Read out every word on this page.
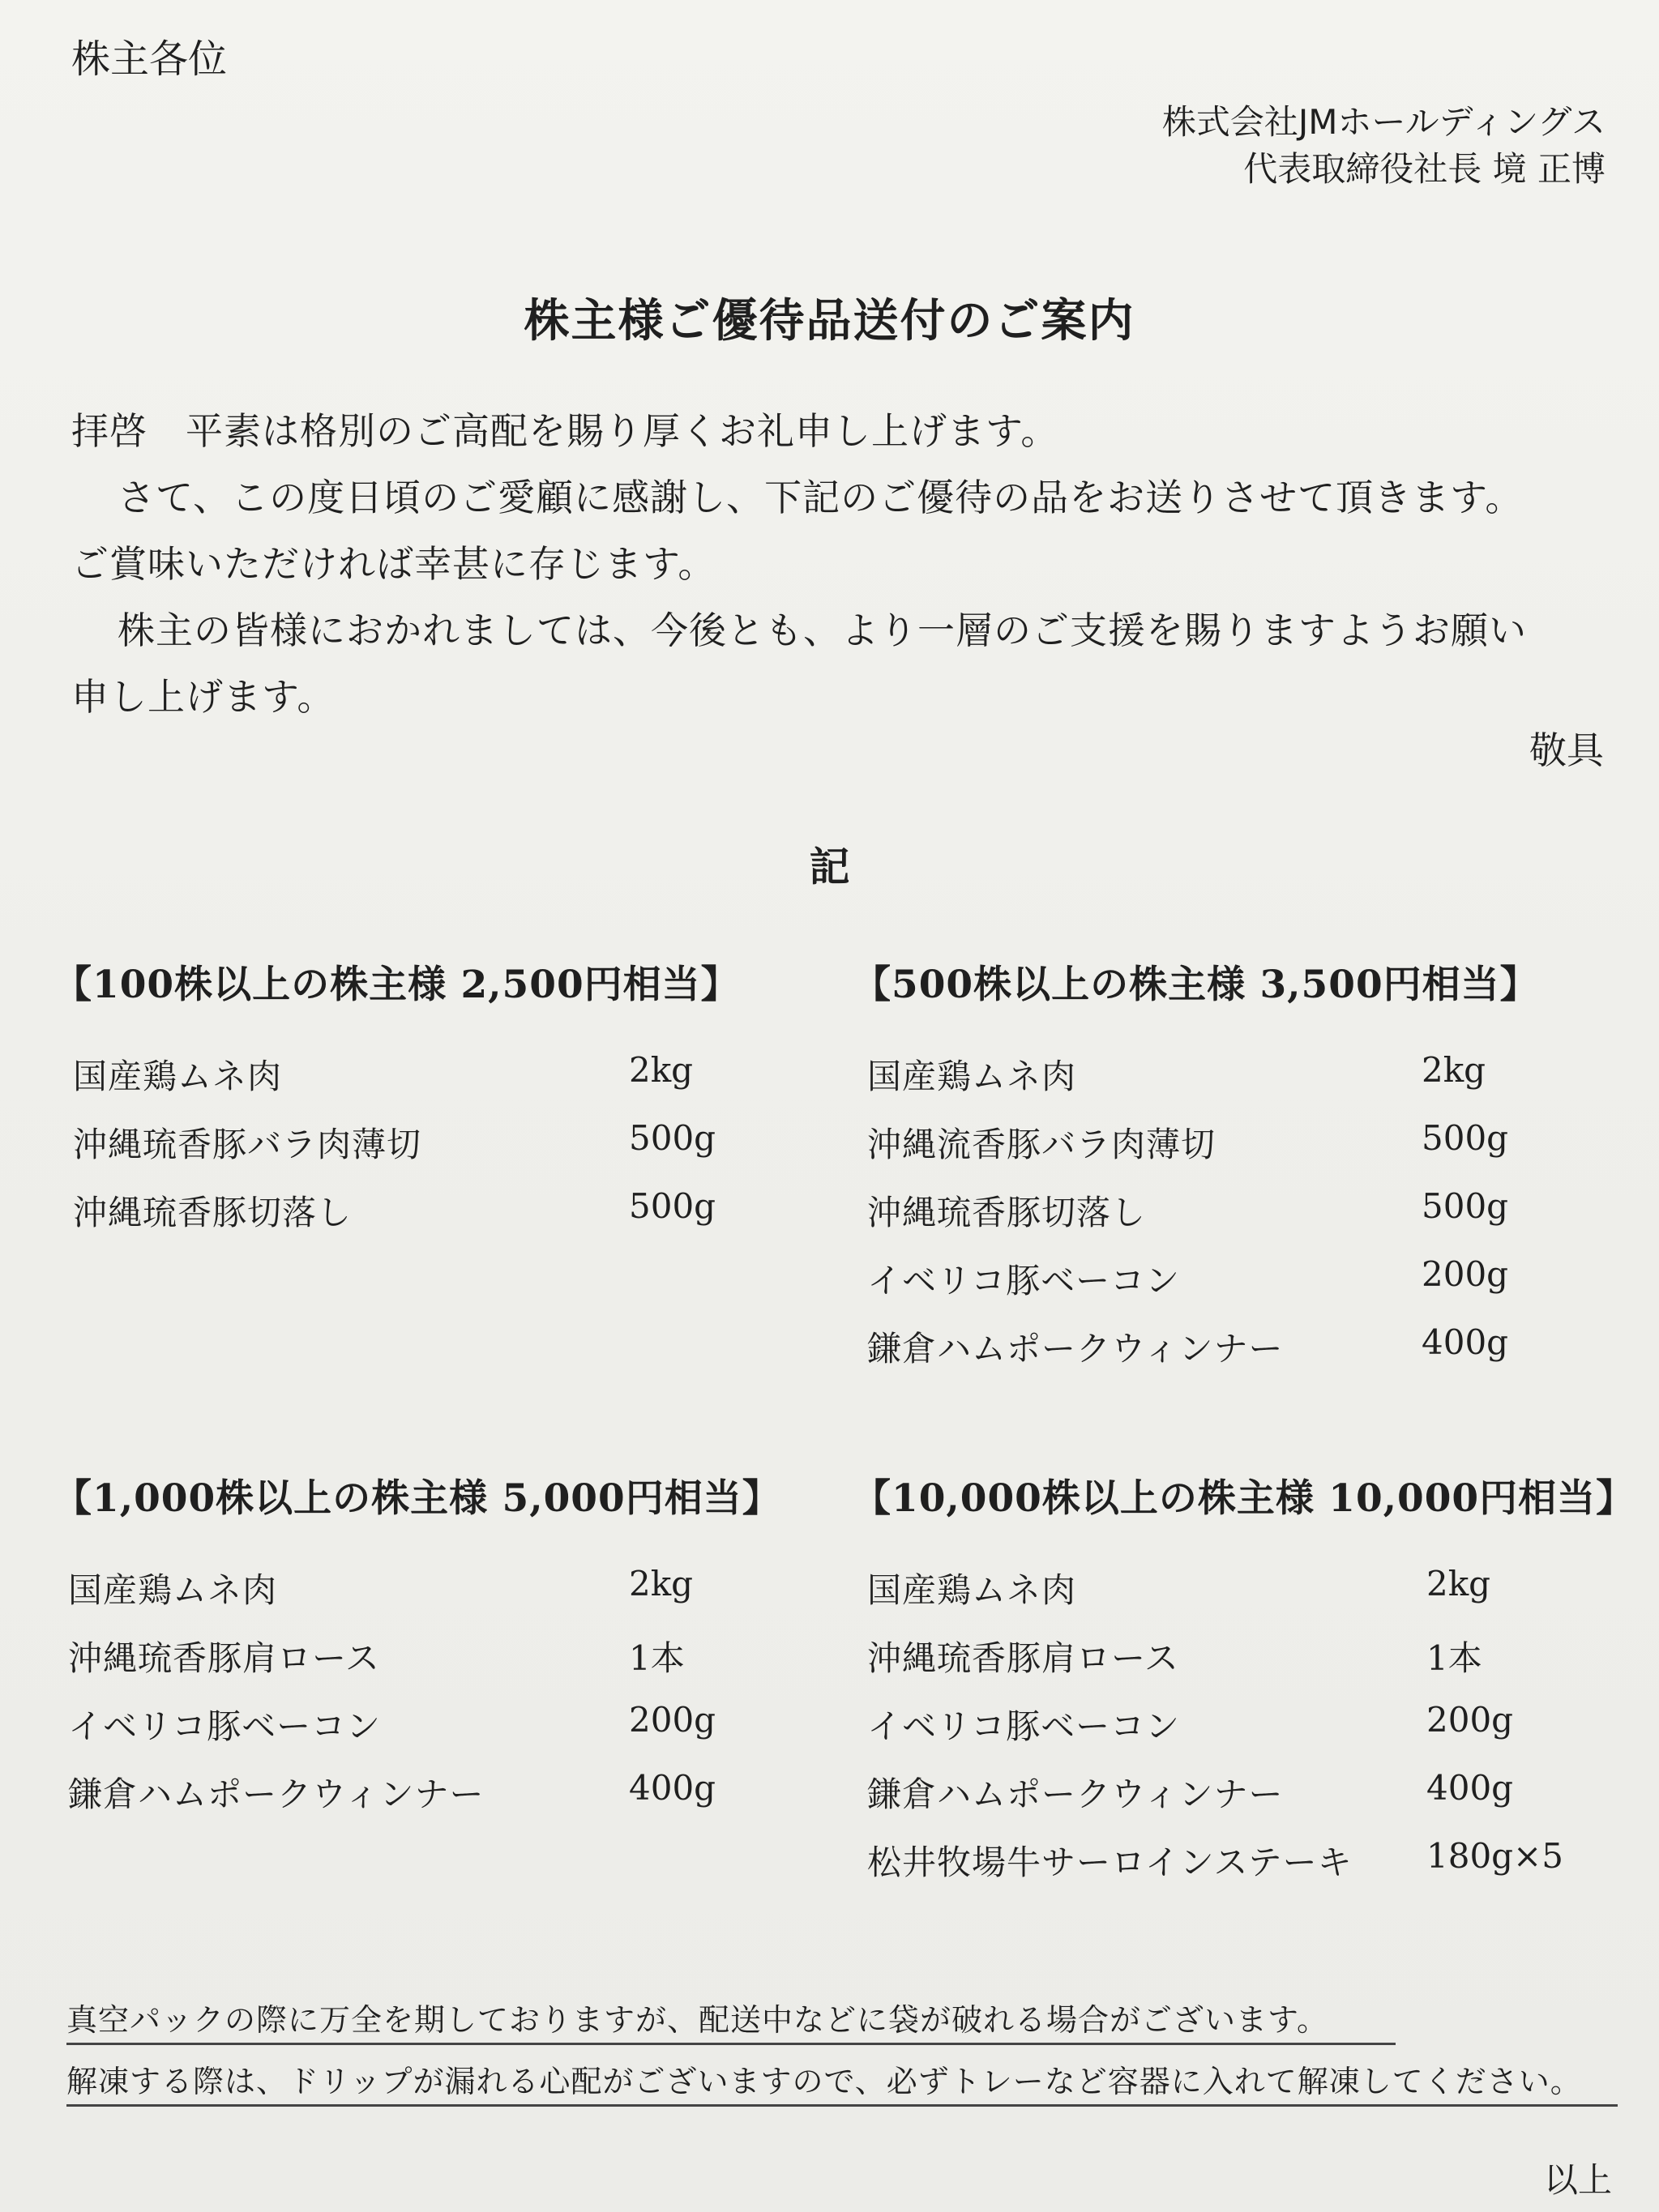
株主各位
株式会社JMホールディングス
代表取締役社長 境 正博
株主様ご優待品送付のご案内
拝啓　平素は格別のご高配を賜り厚くお礼申し上げます。
さて、この度日頃のご愛顧に感謝し、下記のご優待の品をお送りさせて頂きます。
ご賞味いただければ幸甚に存じます。
株主の皆様におかれましては、今後とも、より一層のご支援を賜りますようお願い
申し上げます。
敬具
記
【100株以上の株主様 2,500円相当】
国産鶏ムネ肉	2kg
沖縄琉香豚バラ肉薄切	500g
沖縄琉香豚切落し	500g
【500株以上の株主様 3,500円相当】
国産鶏ムネ肉	2kg
沖縄流香豚バラ肉薄切	500g
沖縄琉香豚切落し	500g
イベリコ豚ベーコン	200g
鎌倉ハムポークウィンナー	400g
【1,000株以上の株主様 5,000円相当】
国産鶏ムネ肉	2kg
沖縄琉香豚肩ロース	1本
イベリコ豚ベーコン	200g
鎌倉ハムポークウィンナー	400g
【10,000株以上の株主様 10,000円相当】
国産鶏ムネ肉	2kg
沖縄琉香豚肩ロース	1本
イベリコ豚ベーコン	200g
鎌倉ハムポークウィンナー	400g
松井牧場牛サーロインステーキ 180g×5
真空パックの際に万全を期しておりますが、配送中などに袋が破れる場合がございます。
解凍する際は、ドリップが漏れる心配がございますので、必ずトレーなど容器に入れて解凍してください。
以上
